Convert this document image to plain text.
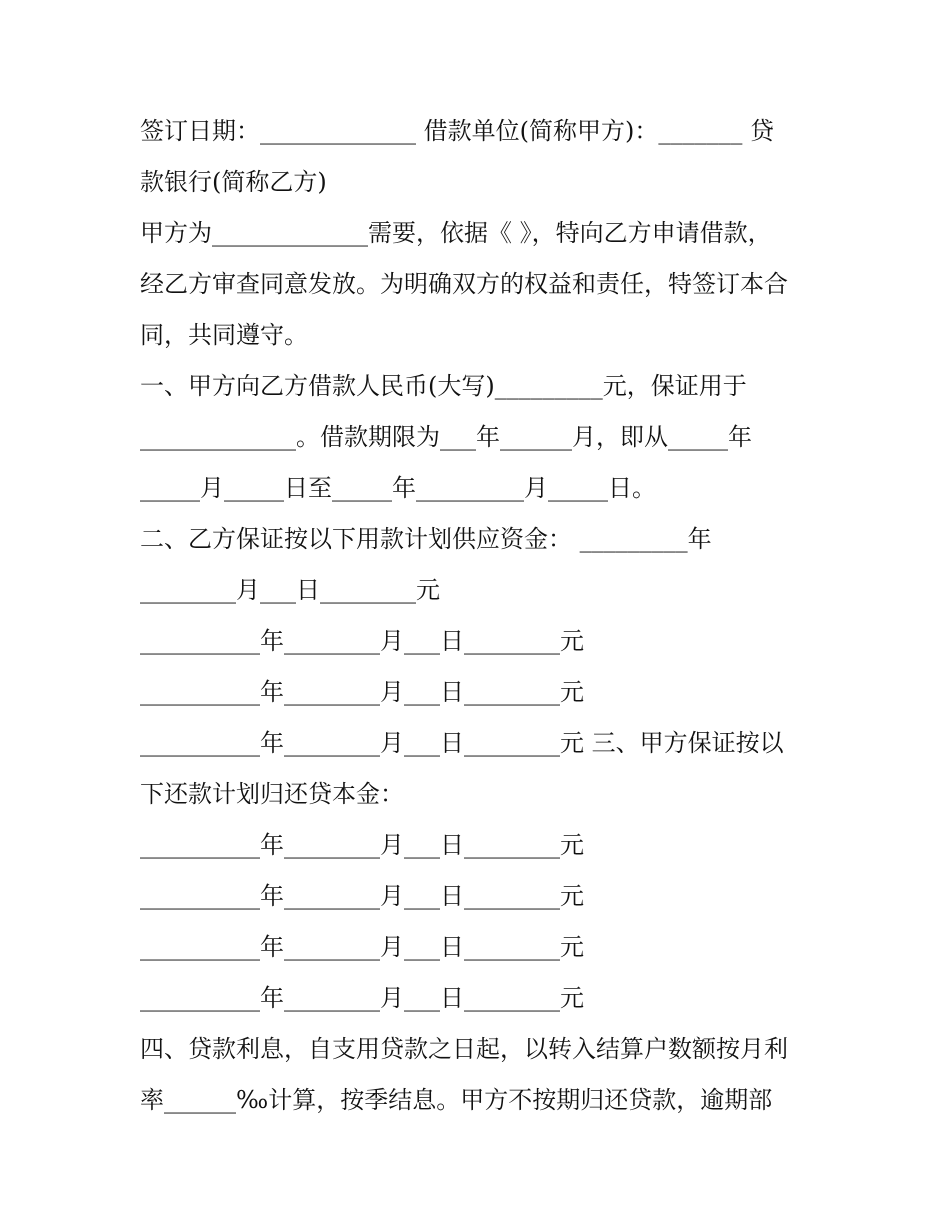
签订日期：_____________ 借款单位(简称甲方)：_______ 贷
款银行(简称乙方)
甲方为_____________需要，依据《 》，特向乙方申请借款，
经乙方审查同意发放。为明确双方的权益和责任，特签订本合
同，共同遵守。
一、甲方向乙方借款人民币(大写)_________元，保证用于
_____________。借款期限为___年______月，即从_____年
_____月_____日至_____年_________月_____日。
二、乙方保证按以下用款计划供应资金： _________年
________月___日________元
__________年________月___日________元
__________年________月___日________元
__________年________月___日________元 三、甲方保证按以
下还款计划归还贷本金：
__________年________月___日________元
__________年________月___日________元
__________年________月___日________元
__________年________月___日________元
四、贷款利息，自支用贷款之日起，以转入结算户数额按月利
率______‰计算，按季结息。甲方不按期归还贷款，逾期部
